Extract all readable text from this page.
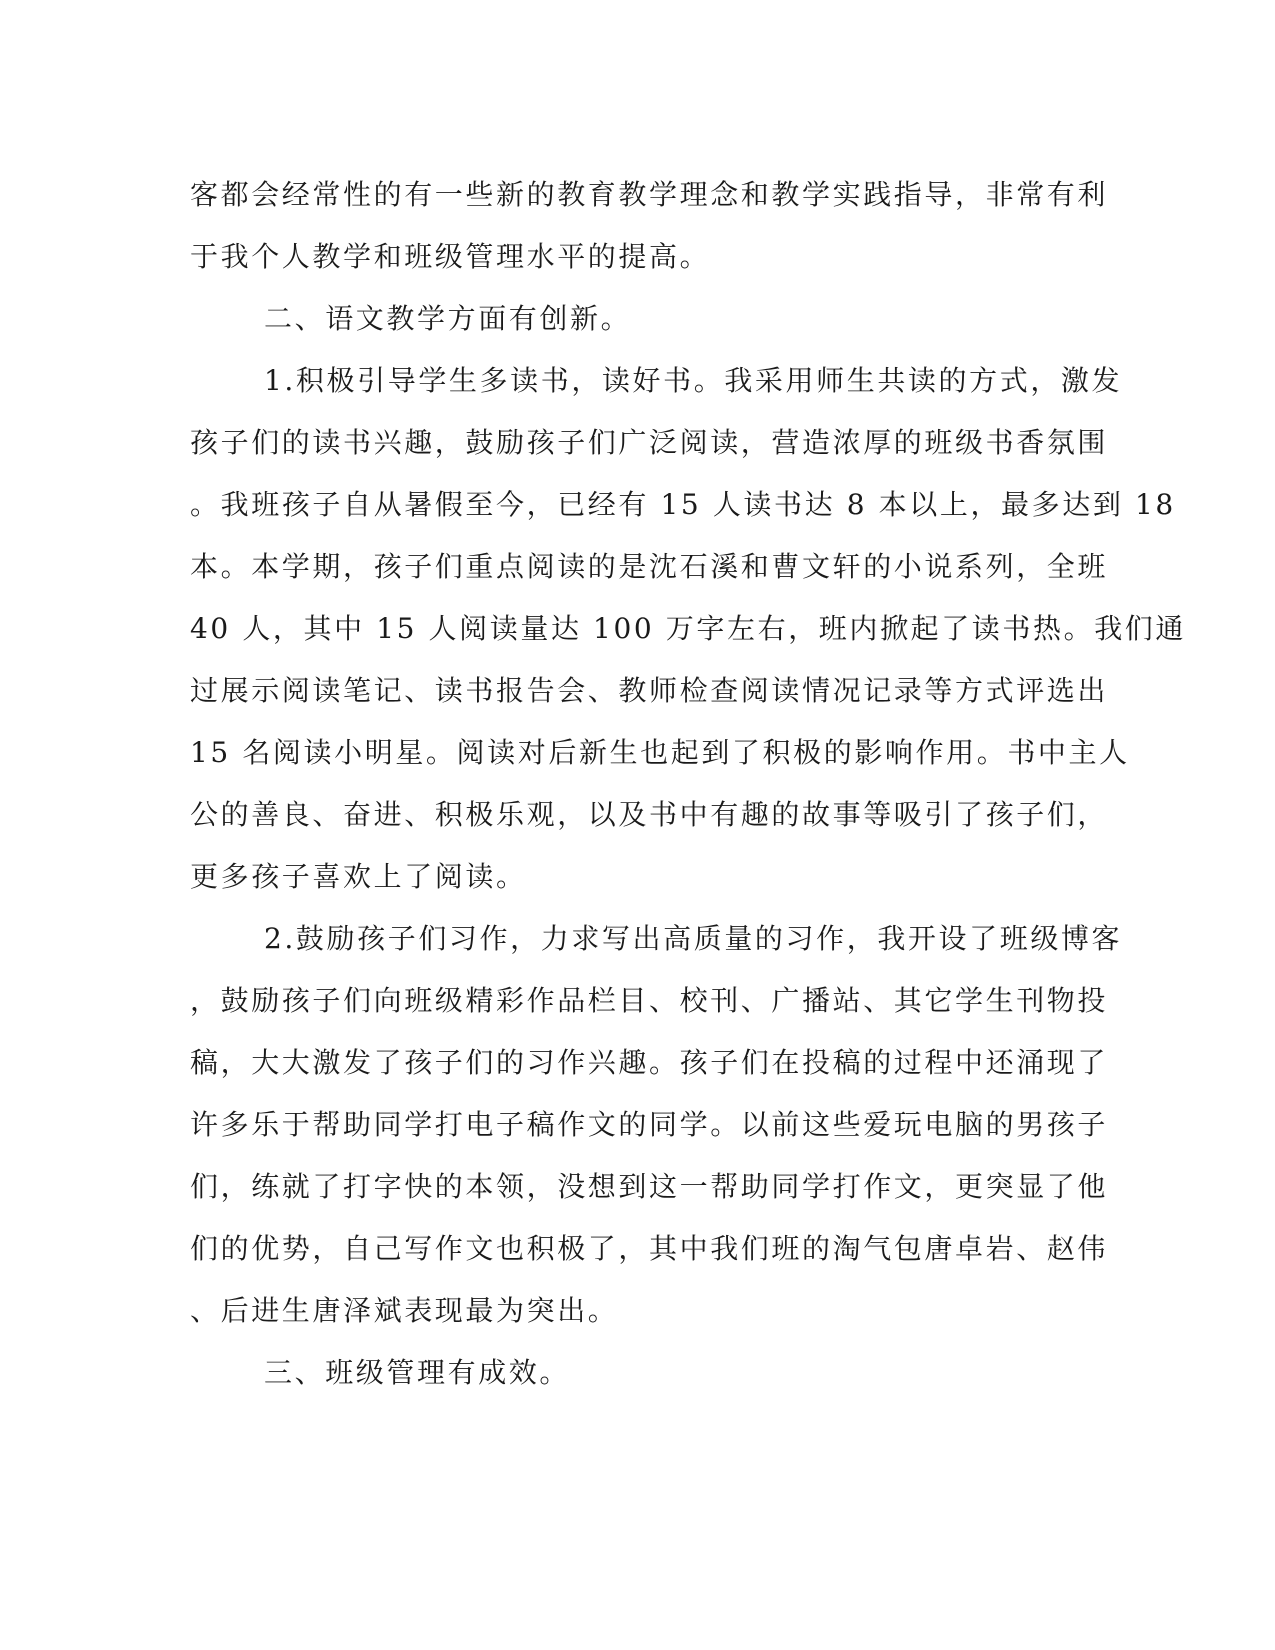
客都会经常性的有一些新的教育教学理念和教学实践指导，非常有利
于我个人教学和班级管理水平的提高。
二、语文教学方面有创新。
1.积极引导学生多读书，读好书。我采用师生共读的方式，激发
孩子们的读书兴趣，鼓励孩子们广泛阅读，营造浓厚的班级书香氛围
。我班孩子自从暑假至今，已经有 15 人读书达 8 本以上，最多达到 18
本。本学期，孩子们重点阅读的是沈石溪和曹文轩的小说系列，全班
40 人，其中 15 人阅读量达 100 万字左右，班内掀起了读书热。我们通
过展示阅读笔记、读书报告会、教师检查阅读情况记录等方式评选出
15 名阅读小明星。阅读对后新生也起到了积极的影响作用。书中主人
公的善良、奋进、积极乐观，以及书中有趣的故事等吸引了孩子们，
更多孩子喜欢上了阅读。
2.鼓励孩子们习作，力求写出高质量的习作，我开设了班级博客
，鼓励孩子们向班级精彩作品栏目、校刊、广播站、其它学生刊物投
稿，大大激发了孩子们的习作兴趣。孩子们在投稿的过程中还涌现了
许多乐于帮助同学打电子稿作文的同学。以前这些爱玩电脑的男孩子
们，练就了打字快的本领，没想到这一帮助同学打作文，更突显了他
们的优势，自己写作文也积极了，其中我们班的淘气包唐卓岩、赵伟
、后进生唐泽斌表现最为突出。
三、班级管理有成效。
